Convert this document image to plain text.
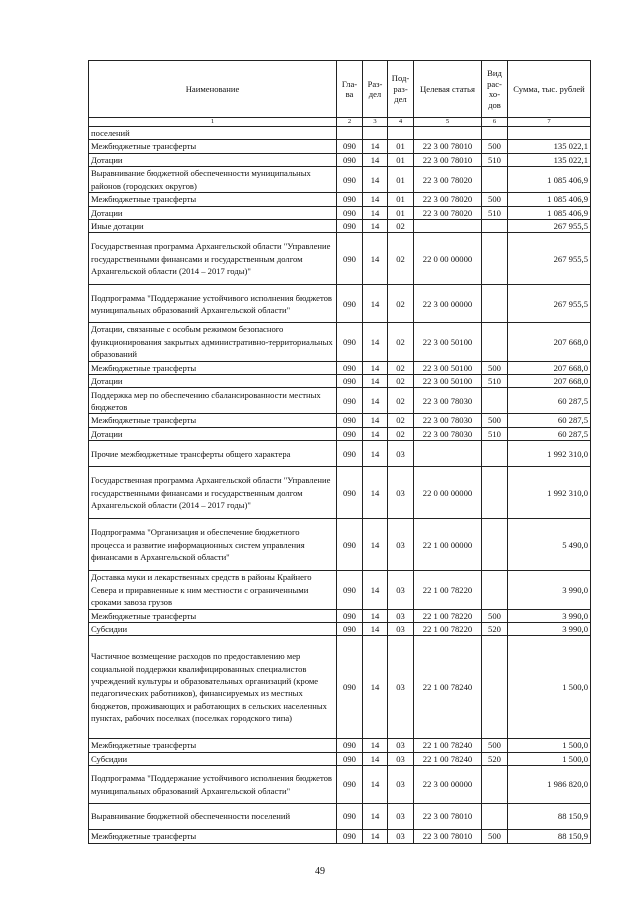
Наименование	Гла-ва	Раз-дел	Под-раз-дел	Целевая статья	Вид рас-хо-дов	Сумма, тыс. рублей
1	2	3	4	5	6	7
поселений						
Межбюджетные трансферты	090	14	01	22 3 00 78010	500	135 022,1
Дотации	090	14	01	22 3 00 78010	510	135 022,1
Выравнивание бюджетной обеспеченности муниципальных районов (городских округов)	090	14	01	22 3 00 78020		1 085 406,9
Межбюджетные трансферты	090	14	01	22 3 00 78020	500	1 085 406,9
Дотации	090	14	01	22 3 00 78020	510	1 085 406,9
Иные дотации	090	14	02			267 955,5
Государственная программа Архангельской области "Управление государственными финансами и государственным долгом Архангельской области (2014 – 2017 годы)"	090	14	02	22 0 00 00000		267 955,5
Подпрограмма "Поддержание устойчивого исполнения бюджетов муниципальных образований Архангельской области"	090	14	02	22 3 00 00000		267 955,5
Дотации, связанные с особым режимом безопасного функционирования закрытых административно-территориальных образований	090	14	02	22 3 00 50100		207 668,0
Межбюджетные трансферты	090	14	02	22 3 00 50100	500	207 668,0
Дотации	090	14	02	22 3 00 50100	510	207 668,0
Поддержка мер по обеспечению сбалансированности местных бюджетов	090	14	02	22 3 00 78030		60 287,5
Межбюджетные трансферты	090	14	02	22 3 00 78030	500	60 287,5
Дотации	090	14	02	22 3 00 78030	510	60 287,5
Прочие межбюджетные трансферты общего характера	090	14	03			1 992 310,0
Государственная программа Архангельской области "Управление государственными финансами и государственным долгом Архангельской области (2014 – 2017 годы)"	090	14	03	22 0 00 00000		1 992 310,0
Подпрограмма "Организация и обеспечение бюджетного процесса и развитие информационных систем управления финансами в Архангельской области"	090	14	03	22 1 00 00000		5 490,0
Доставка муки и лекарственных средств в районы Крайнего Севера и приравненные к ним местности с ограниченными сроками завоза грузов	090	14	03	22 1 00 78220		3 990,0
Межбюджетные трансферты	090	14	03	22 1 00 78220	500	3 990,0
Субсидии	090	14	03	22 1 00 78220	520	3 990,0
Частичное возмещение расходов по предоставлению мер социальной поддержки квалифицированных специалистов учреждений культуры и образовательных организаций (кроме педагогических работников), финансируемых из местных бюджетов, проживающих и работающих в сельских населенных пунктах, рабочих поселках (поселках городского типа)	090	14	03	22 1 00 78240		1 500,0
Межбюджетные трансферты	090	14	03	22 1 00 78240	500	1 500,0
Субсидии	090	14	03	22 1 00 78240	520	1 500,0
Подпрограмма "Поддержание устойчивого исполнения бюджетов муниципальных образований Архангельской области"	090	14	03	22 3 00 00000		1 986 820,0
Выравнивание бюджетной обеспеченности поселений	090	14	03	22 3 00 78010		88 150,9
Межбюджетные трансферты	090	14	03	22 3 00 78010	500	88 150,9
49
